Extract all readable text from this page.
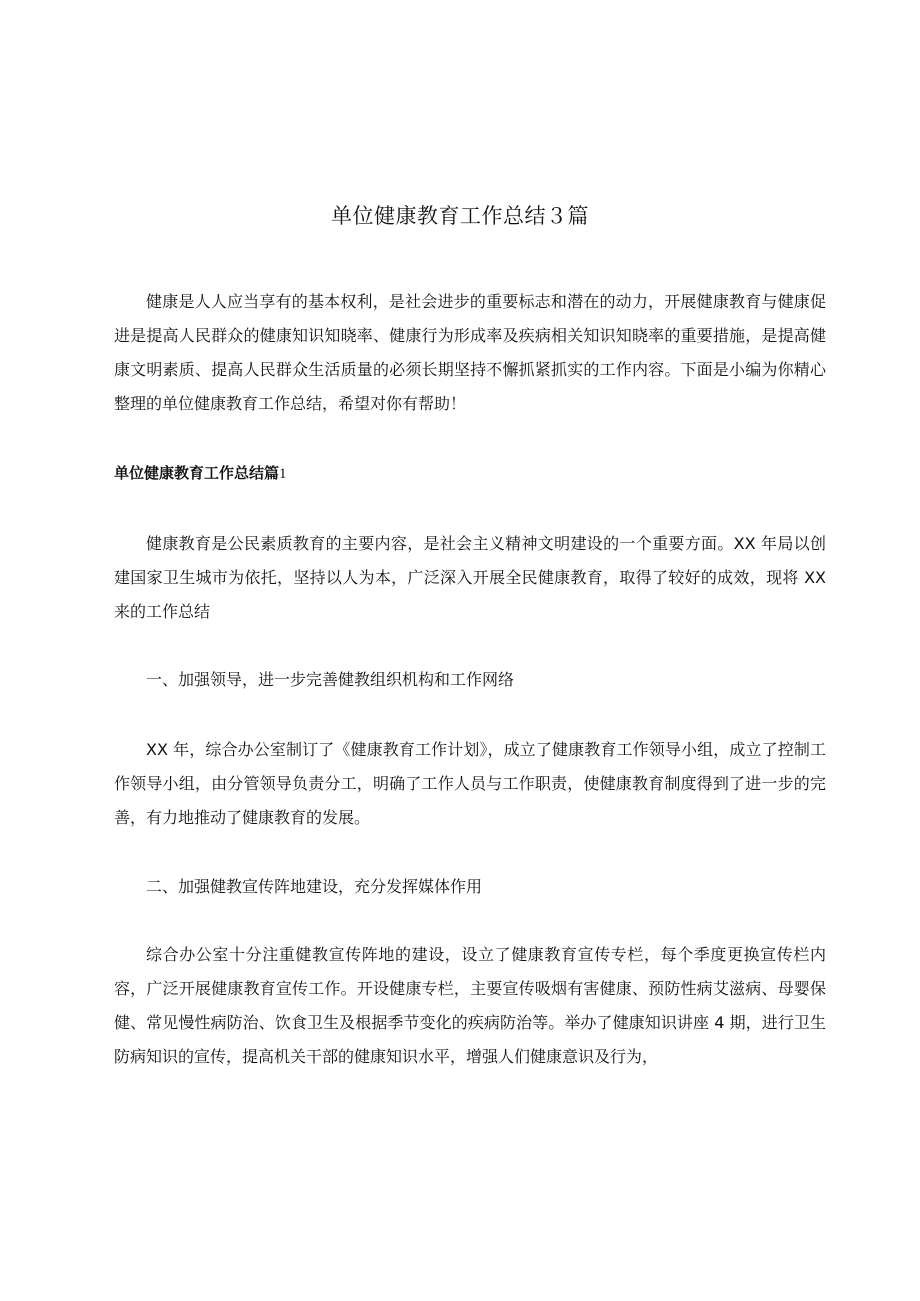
单位健康教育工作总结３篇

健康是人人应当享有的基本权利，是社会进步的重要标志和潜在的动力，开展健康教育与健康促进是提高人民群众的健康知识知晓率、健康行为形成率及疾病相关知识知晓率的重要措施，是提高健康文明素质、提高人民群众生活质量的必须长期坚持不懈抓紧抓实的工作内容。下面是小编为你精心整理的单位健康教育工作总结，希望对你有帮助！

单位健康教育工作总结篇1

健康教育是公民素质教育的主要内容，是社会主义精神文明建设的一个重要方面。XX 年局以创建国家卫生城市为依托，坚持以人为本，广泛深入开展全民健康教育，取得了较好的成效，现将 XX 来的工作总结

一、加强领导，进一步完善健教组织机构和工作网络

XX 年，综合办公室制订了《健康教育工作计划》，成立了健康教育工作领导小组，成立了控制工作领导小组，由分管领导负责分工，明确了工作人员与工作职责，使健康教育制度得到了进一步的完善，有力地推动了健康教育的发展。

二、加强健教宣传阵地建设，充分发挥媒体作用

综合办公室十分注重健教宣传阵地的建设，设立了健康教育宣传专栏，每个季度更换宣传栏内容，广泛开展健康教育宣传工作。开设健康专栏，主要宣传吸烟有害健康、预防性病艾滋病、母婴保健、常见慢性病防治、饮食卫生及根据季节变化的疾病防治等。举办了健康知识讲座 4 期，进行卫生防病知识的宣传，提高机关干部的健康知识水平，增强人们健康意识及行为，
